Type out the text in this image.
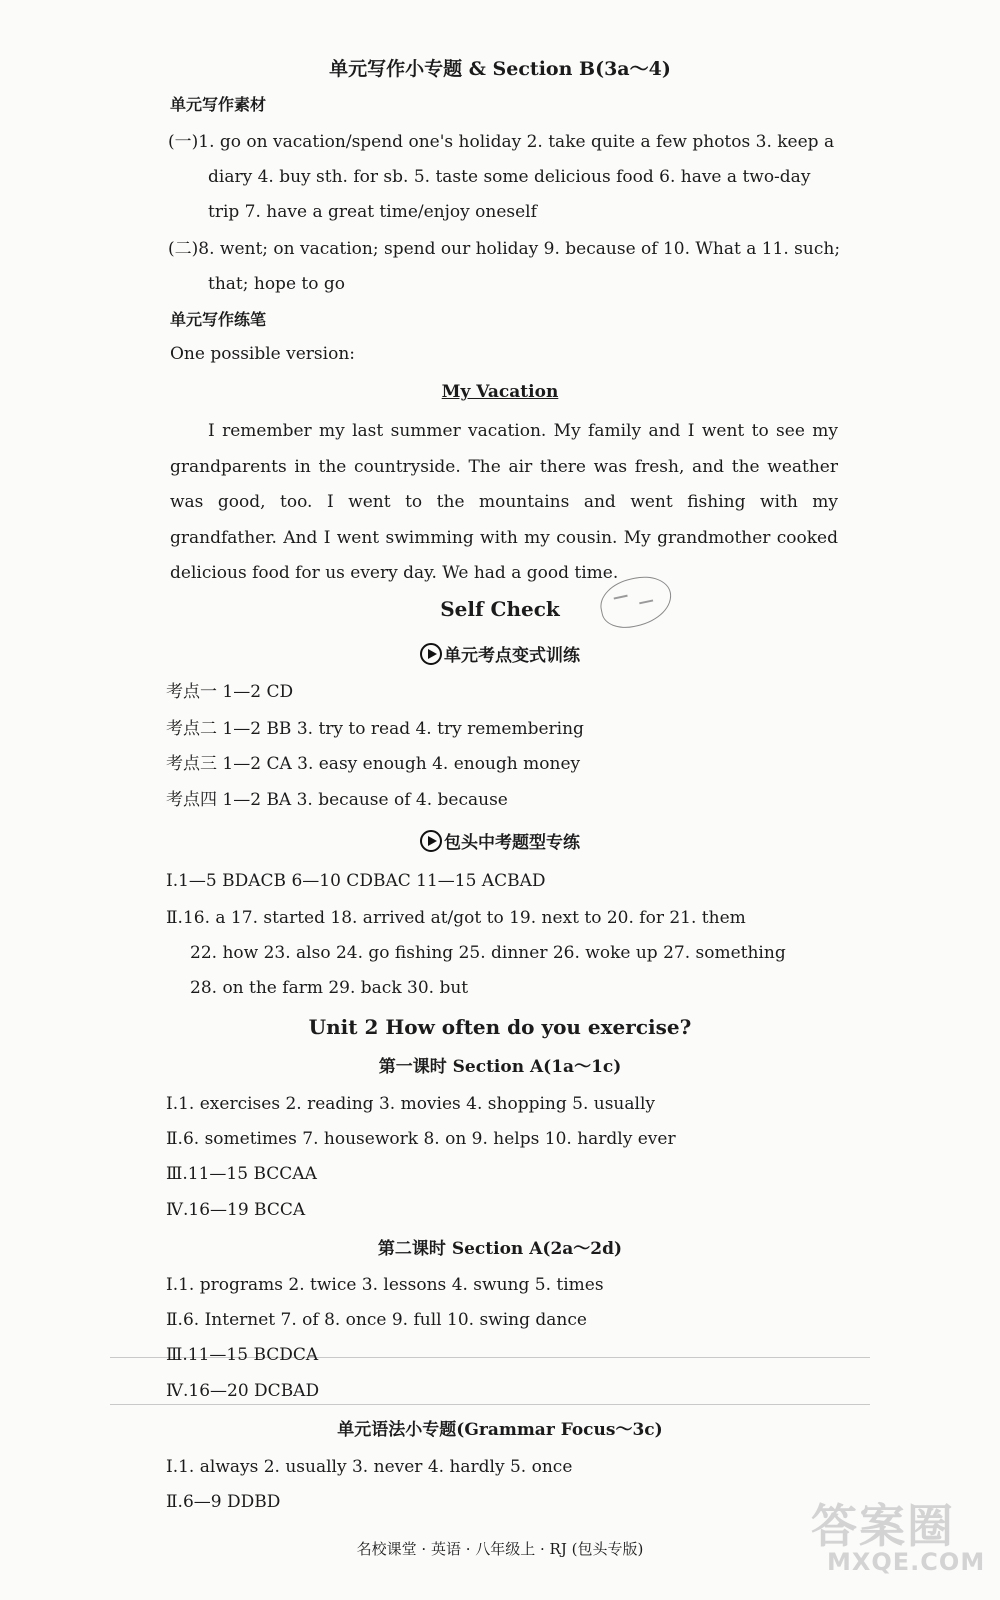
单元写作小专题 & Section B(3a～4)
单元写作素材
(一)1. go on vacation/spend one's holiday 2. take quite a few photos 3. keep a
diary 4. buy sth. for sb. 5. taste some delicious food 6. have a two-day
trip 7. have a great time/enjoy oneself
(二)8. went; on vacation; spend our holiday 9. because of 10. What a 11. such;
that; hope to go
单元写作练笔
One possible version:
My Vacation
I remember my last summer vacation. My family and I went to see my grandparents in the countryside. The air there was fresh, and the weather was good, too. I went to the mountains and went fishing with my grandfather. And I went swimming with my cousin. My grandmother cooked delicious food for us every day. We had a good time.
Self Check
单元考点变式训练
考点一 1—2 CD
考点二 1—2 BB 3. try to read 4. try remembering
考点三 1—2 CA 3. easy enough 4. enough money
考点四 1—2 BA 3. because of 4. because
包头中考题型专练
Ⅰ.1—5 BDACB 6—10 CDBAC 11—15 ACBAD
Ⅱ.16. a 17. started 18. arrived at/got to 19. next to 20. for 21. them
22. how 23. also 24. go fishing 25. dinner 26. woke up 27. something
28. on the farm 29. back 30. but
Unit 2 How often do you exercise?
第一课时 Section A(1a～1c)
Ⅰ.1. exercises 2. reading 3. movies 4. shopping 5. usually
Ⅱ.6. sometimes 7. housework 8. on 9. helps 10. hardly ever
Ⅲ.11—15 BCCAA
Ⅳ.16—19 BCCA
第二课时 Section A(2a～2d)
Ⅰ.1. programs 2. twice 3. lessons 4. swung 5. times
Ⅱ.6. Internet 7. of 8. once 9. full 10. swing dance
Ⅲ.11—15 BCDCA
Ⅳ.16—20 DCBAD
单元语法小专题(Grammar Focus～3c)
Ⅰ.1. always 2. usually 3. never 4. hardly 5. once
Ⅱ.6—9 DDBD	答案圈
MXQE.COM
名校课堂 · 英语 · 八年级上 · RJ (包头专版)
